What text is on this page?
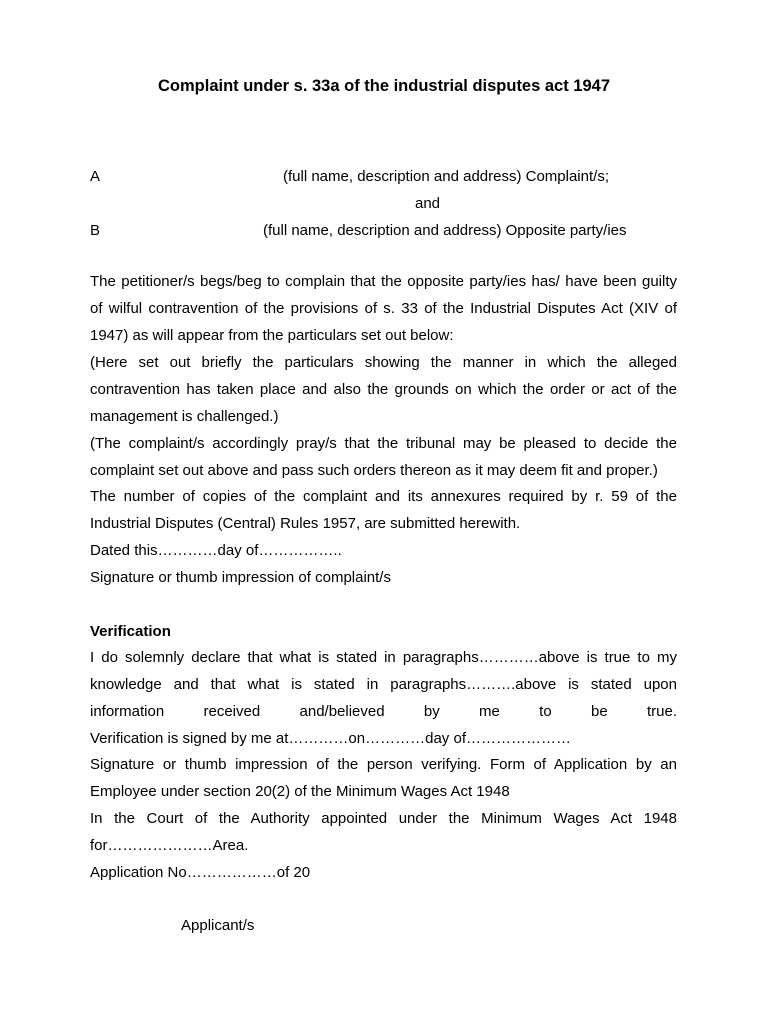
Complaint under s. 33a of the industrial disputes act 1947
A	(full name, description and address) Complaint/s;
and
B	(full name, description and address) Opposite party/ies
The petitioner/s begs/beg to complain that the opposite party/ies has/ have been guilty of wilful contravention of the provisions of s. 33 of the Industrial Disputes Act (XIV of 1947) as will appear from the particulars set out below:
(Here set out briefly the particulars showing the manner in which the alleged contravention has taken place and also the grounds on which the order or act of the management is challenged.)
(The complaint/s accordingly pray/s that the tribunal may be pleased to decide the complaint set out above and pass such orders thereon as it may deem fit and proper.)
The number of copies of the complaint and its annexures required by r. 59 of the Industrial Disputes (Central) Rules 1957, are submitted herewith.
Dated this…………day of……………..
Signature or thumb impression of complaint/s
Verification
I do solemnly declare that what is stated in paragraphs…………above is true to my knowledge and that what is stated in paragraphs……….above is stated upon information received and/believed by me to be true.
Verification is signed by me at…………on…………day of…………………
Signature or thumb impression of the person verifying. Form of Application by an Employee under section 20(2) of the Minimum Wages Act 1948
In the Court of the Authority appointed under the Minimum Wages Act 1948 for…………………Area.
Application No………………of 20
Applicant/s
